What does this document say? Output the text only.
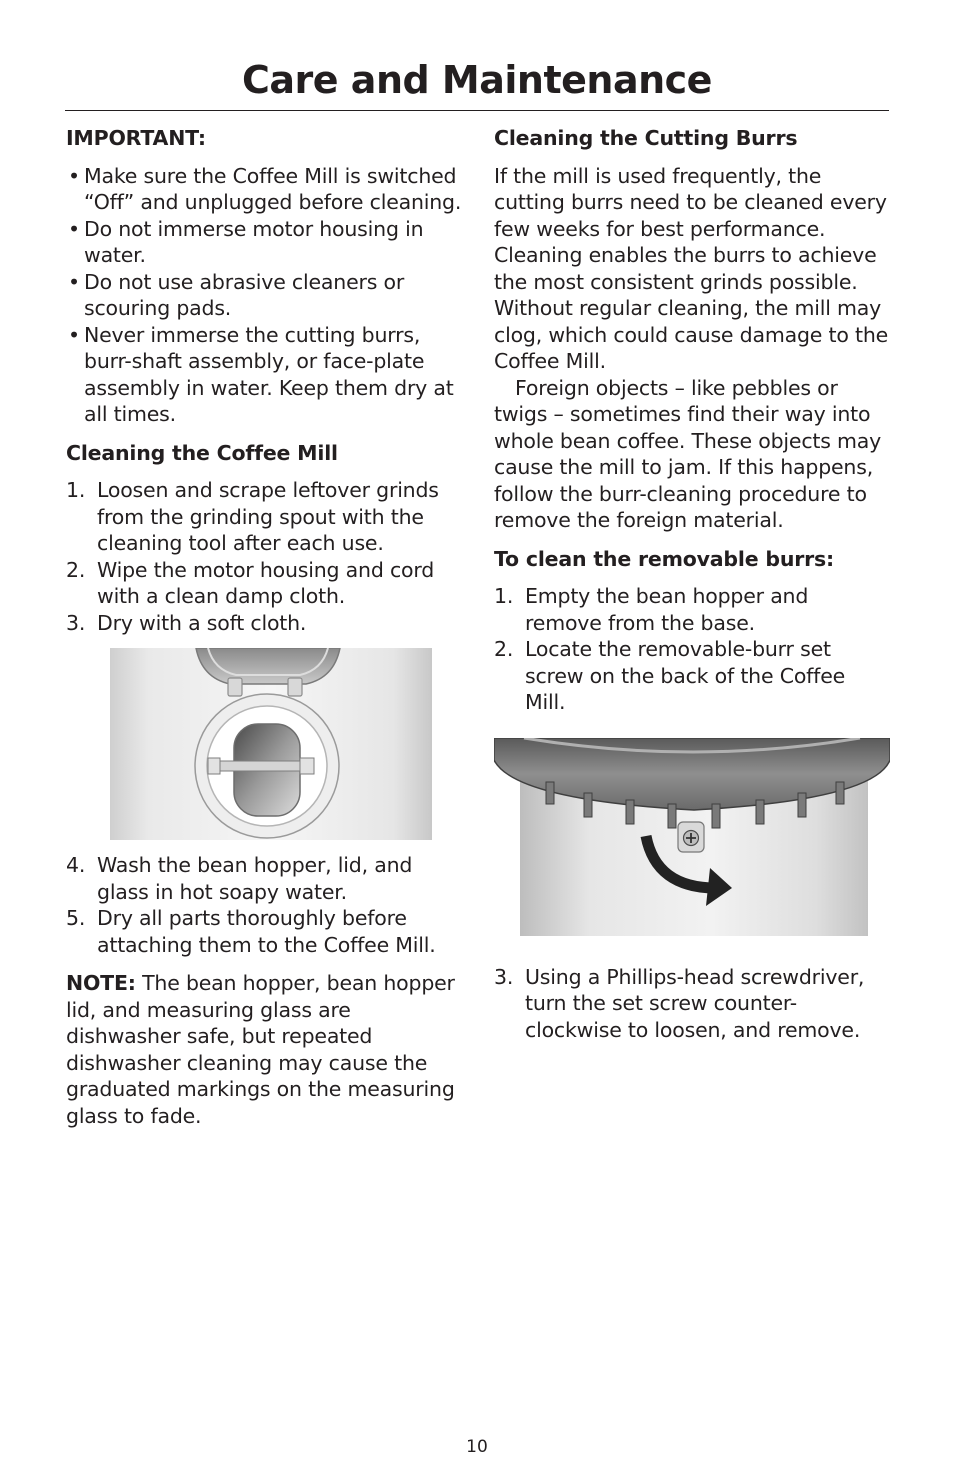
Care and Maintenance
IMPORTANT:
• Make sure the Coffee Mill is switched “Off” and unplugged before cleaning.
• Do not immerse motor housing in water.
• Do not use abrasive cleaners or scouring pads.
• Never immerse the cutting burrs, burr-shaft assembly, or face-plate assembly in water. Keep them dry at all times.
Cleaning the Coffee Mill
1. Loosen and scrape leftover grinds from the grinding spout with the cleaning tool after each use.
2. Wipe the motor housing and cord with a clean damp cloth.
3. Dry with a soft cloth.
4. Wash the bean hopper, lid, and glass in hot soapy water.
5. Dry all parts thoroughly before attaching them to the Coffee Mill.

NOTE: The bean hopper, bean hopper lid, and measuring glass are dishwasher safe, but repeated dishwasher cleaning may cause the graduated markings on the measuring glass to fade.

Cleaning the Cutting Burrs

If the mill is used frequently, the cutting burrs need to be cleaned every few weeks for best performance. Cleaning enables the burrs to achieve the most consistent grinds possible. Without regular cleaning, the mill may clog, which could cause damage to the Coffee Mill.

Foreign objects – like pebbles or twigs – sometimes find their way into whole bean coffee. These objects may cause the mill to jam. If this happens, follow the burr-cleaning procedure to remove the foreign material.

To clean the removable burrs:
1. Empty the bean hopper and remove from the base.
2. Locate the removable-burr set screw on the back of the Coffee Mill.
3. Using a Phillips-head screwdriver, turn the set screw counter-clockwise to loosen, and remove.
10
